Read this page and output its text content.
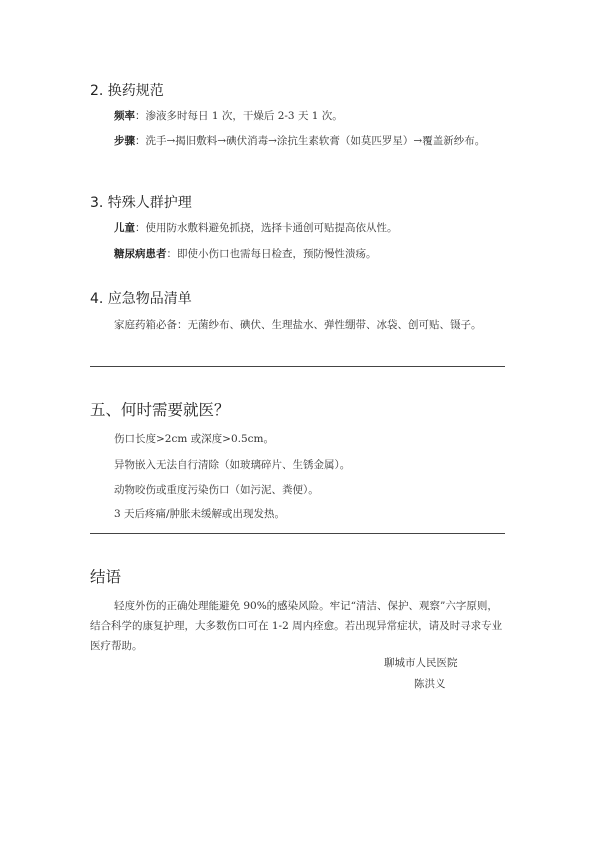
2. 换药规范
频率：渗液多时每日 1 次，干燥后 2-3 天 1 次。
步骤：洗手→揭旧敷料→碘伏消毒→涂抗生素软膏（如莫匹罗星）→覆盖新纱布。
3. 特殊人群护理
儿童：使用防水敷料避免抓挠，选择卡通创可贴提高依从性。
糖尿病患者：即使小伤口也需每日检查，预防慢性溃疡。
4. 应急物品清单
家庭药箱必备：无菌纱布、碘伏、生理盐水、弹性绷带、冰袋、创可贴、镊子。
五、何时需要就医？
伤口长度>2cm 或深度>0.5cm。
异物嵌入无法自行清除（如玻璃碎片、生锈金属）。
动物咬伤或重度污染伤口（如污泥、粪便）。
3 天后疼痛/肿胀未缓解或出现发热。
结语
轻度外伤的正确处理能避免 90%的感染风险。牢记“清洁、保护、观察”六字原则，结合科学的康复护理，大多数伤口可在 1-2 周内痊愈。若出现异常症状，请及时寻求专业医疗帮助。
聊城市人民医院
陈洪义
